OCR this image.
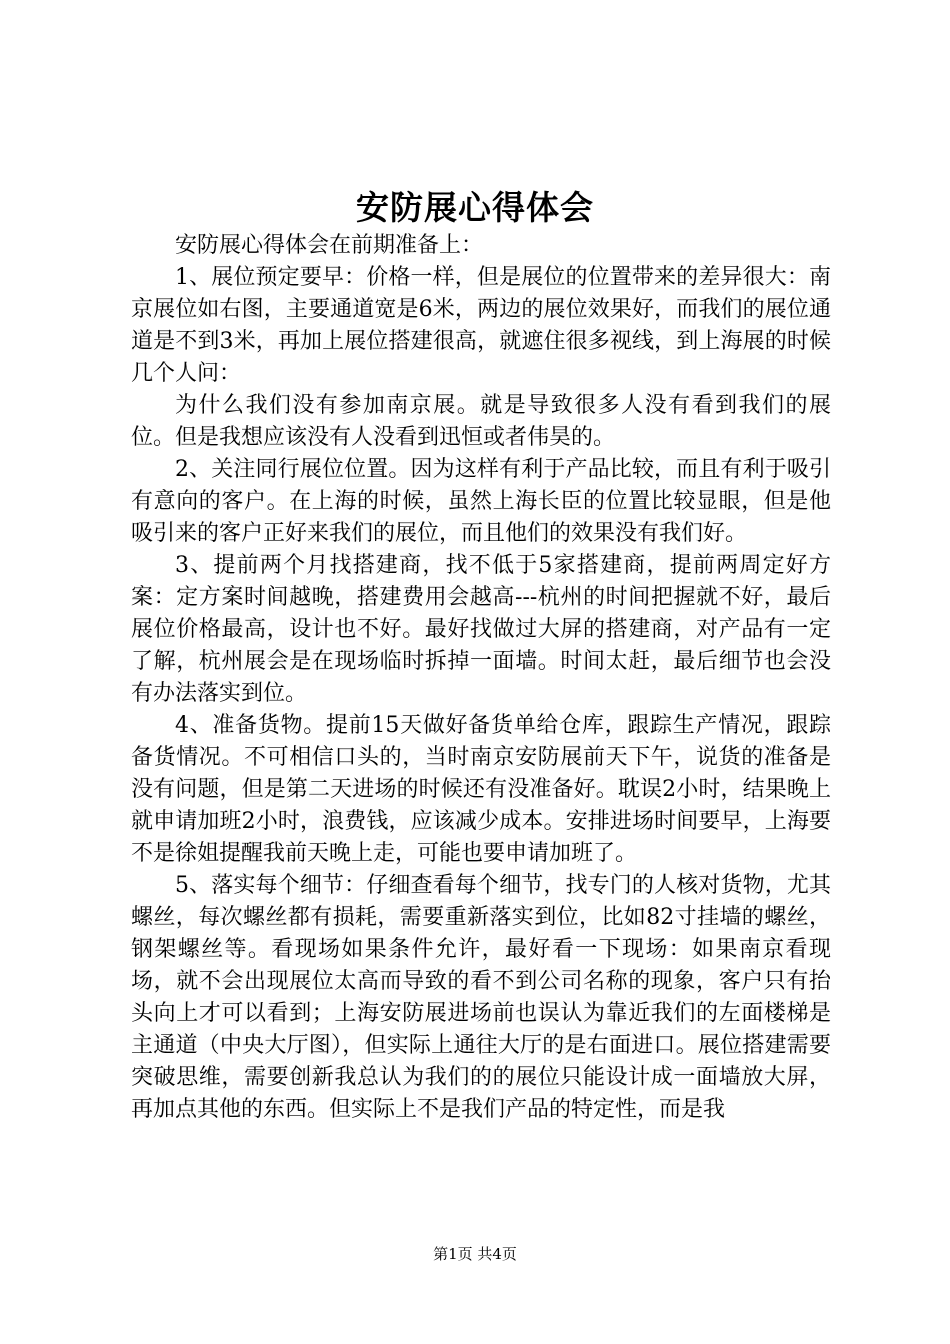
安防展心得体会

安防展心得体会在前期准备上：

1、展位预定要早：价格一样，但是展位的位置带来的差异很大：南京展位如右图，主要通道宽是6米，两边的展位效果好，而我们的展位通道是不到3米，再加上展位搭建很高，就遮住很多视线，到上海展的时候几个人问：

为什么我们没有参加南京展。就是导致很多人没有看到我们的展位。但是我想应该没有人没看到迅恒或者伟昊的。

2、关注同行展位位置。因为这样有利于产品比较，而且有利于吸引有意向的客户。在上海的时候，虽然上海长臣的位置比较显眼，但是他吸引来的客户正好来我们的展位，而且他们的效果没有我们好。

3、提前两个月找搭建商，找不低于5家搭建商，提前两周定好方案：定方案时间越晚，搭建费用会越高---杭州的时间把握就不好，最后展位价格最高，设计也不好。最好找做过大屏的搭建商，对产品有一定了解，杭州展会是在现场临时拆掉一面墙。时间太赶，最后细节也会没有办法落实到位。

4、准备货物。提前15天做好备货单给仓库，跟踪生产情况，跟踪备货情况。不可相信口头的，当时南京安防展前天下午，说货的准备是没有问题，但是第二天进场的时候还有没准备好。耽误2小时，结果晚上就申请加班2小时，浪费钱，应该减少成本。安排进场时间要早，上海要不是徐姐提醒我前天晚上走，可能也要申请加班了。

5、落实每个细节：仔细查看每个细节，找专门的人核对货物，尤其螺丝，每次螺丝都有损耗，需要重新落实到位，比如82寸挂墙的螺丝，钢架螺丝等。看现场如果条件允许，最好看一下现场：如果南京看现场，就不会出现展位太高而导致的看不到公司名称的现象，客户只有抬头向上才可以看到；上海安防展进场前也误认为靠近我们的左面楼梯是主通道（中央大厅图），但实际上通往大厅的是右面进口。展位搭建需要突破思维，需要创新我总认为我们的的展位只能设计成一面墙放大屏，再加点其他的东西。但实际上不是我们产品的特定性，而是我

第1页 共4页
